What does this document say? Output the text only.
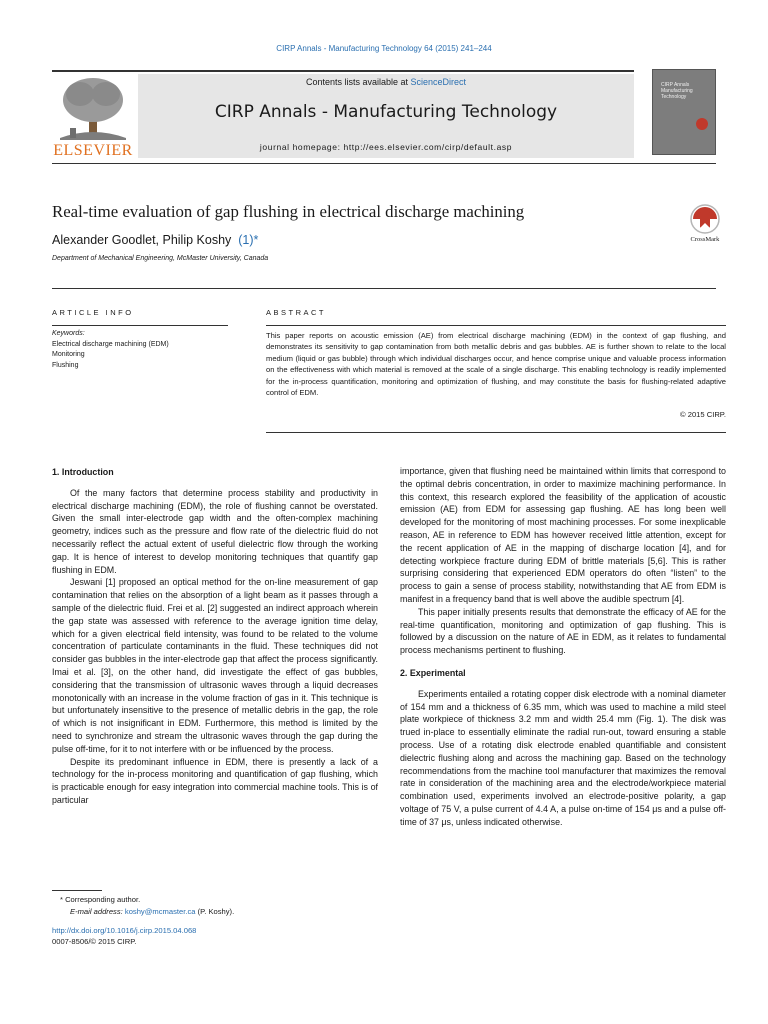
CIRP Annals - Manufacturing Technology 64 (2015) 241–244
ELSEVIER
Contents lists available at ScienceDirect
CIRP Annals - Manufacturing Technology
journal homepage: http://ees.elsevier.com/cirp/default.asp
CIRP Annals Manufacturing Technology
Real-time evaluation of gap flushing in electrical discharge machining
CrossMark
Alexander Goodlet, Philip Koshy (1)*
Department of Mechanical Engineering, McMaster University, Canada
ARTICLE INFO	ABSTRACT
Keywords:
Electrical discharge machining (EDM)
Monitoring
Flushing
This paper reports on acoustic emission (AE) from electrical discharge machining (EDM) in the context of gap flushing, and demonstrates its sensitivity to gap contamination from both metallic debris and gas bubbles. AE is further shown to relate to the local medium (liquid or gas bubble) through which individual discharges occur, and hence comprise unique and valuable process information on the effectiveness with which material is removed at the scale of a single discharge. This enabling technology is readily implemented for the in-process quantification, monitoring and optimization of flushing, and may constitute the basis for flushing-related adaptive control of EDM.
© 2015 CIRP.
1. Introduction

Of the many factors that determine process stability and productivity in electrical discharge machining (EDM), the role of flushing cannot be overstated. Given the small inter-electrode gap width and the often-complex machining geometry, indices such as the pressure and flow rate of the dielectric fluid do not necessarily reflect the actual extent of useful dielectric flow through the working gap. It is hence of interest to develop monitoring techniques that quantify gap flushing in EDM.

Jeswani [1] proposed an optical method for the on-line measurement of gap contamination that relies on the absorption of a light beam as it passes through a sample of the dielectric fluid. Frei et al. [2] suggested an indirect approach wherein the gap state was assessed with reference to the average ignition time delay, which for a given electrical field intensity, was found to be related to the volume concentration of particulate contaminants in the fluid. These techniques did not consider gas bubbles in the inter-electrode gap that affect the process significantly. Imai et al. [3], on the other hand, did investigate the effect of gas bubbles, considering that the transmission of ultrasonic waves through a liquid decreases monotonically with an increase in the volume fraction of gas in it. This technique is but unfortunately insensitive to the presence of metallic debris in the gap, the role of which is not insignificant in EDM. Furthermore, this method is limited by the need to synchronize and stream the ultrasonic waves through the gap during the pulse off-time, for it to not interfere with or be influenced by the process.

Despite its predominant influence in EDM, there is presently a lack of a technology for the in-process monitoring and quantification of gap flushing, which is practicable enough for easy integration into commercial machine tools. This is of particular

importance, given that flushing need be maintained within limits that correspond to the optimal debris concentration, in order to maximize machining performance. In this context, this research explored the feasibility of the application of acoustic emission (AE) from EDM for assessing gap flushing. AE has long been well developed for the monitoring of most machining processes. For some inexplicable reason, AE in reference to EDM has however received little attention, except for the recent application of AE in the mapping of discharge location [4], and for detecting workpiece fracture during EDM of brittle materials [5,6]. This is rather surprising considering that experienced EDM operators do often “listen” to the process to gain a sense of process stability, notwithstanding that AE from EDM is manifest in a frequency band that is well above the audible spectrum [4].

This paper initially presents results that demonstrate the efficacy of AE for the real-time quantification, monitoring and optimization of gap flushing. This is followed by a discussion on the nature of AE in EDM, as it relates to fundamental process mechanisms pertinent to flushing.

2. Experimental

Experiments entailed a rotating copper disk electrode with a nominal diameter of 154 mm and a thickness of 6.35 mm, which was used to machine a mild steel plate workpiece of thickness 3.2 mm and width 25.4 mm (Fig. 1). The disk was trued in-place to essentially eliminate the radial run-out, toward ensuring a stable process. Use of a rotating disk electrode enabled quantifiable and consistent dielectric flushing along and across the machining gap. Based on the technology recommendations from the machine tool manufacturer that maximizes the removal rate in consideration of the machining area and the electrode/workpiece material combination used, experiments involved an electrode-positive polarity, a gap voltage of 75 V, a pulse current of 4.4 A, a pulse on-time of 154 μs and a pulse off-time of 37 μs, unless indicated otherwise.

* Corresponding author.
E-mail address: koshy@mcmaster.ca (P. Koshy).
http://dx.doi.org/10.1016/j.cirp.2015.04.068
0007-8506/© 2015 CIRP.
